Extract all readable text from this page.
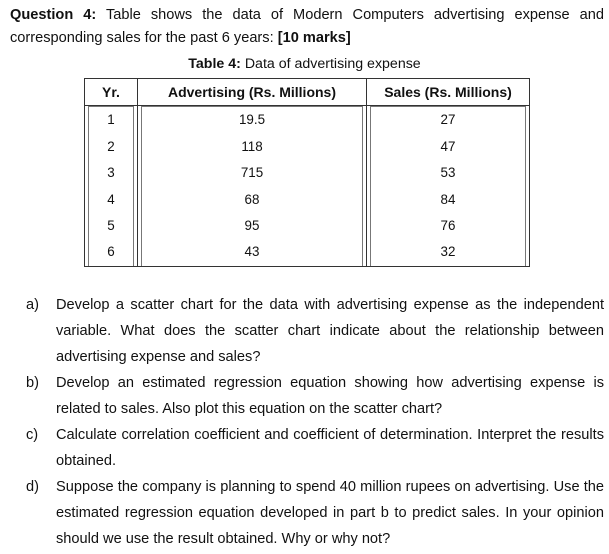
Question 4: Table shows the data of Modern Computers advertising expense and corresponding sales for the past 6 years: [10 marks]
Table 4: Data of advertising expense
Yr.	Advertising (Rs. Millions)	Sales (Rs. Millions)

1	19.5	27

2	118	47

3	715	53

4	68	84

5	95	76

6	43	32
a)	Develop a scatter chart for the data with advertising expense as the independent variable. What does the scatter chart indicate about the relationship between advertising expense and sales?
b)	Develop an estimated regression equation showing how advertising expense is related to sales. Also plot this equation on the scatter chart?
c)	Calculate correlation coefficient and coefficient of determination. Interpret the results obtained.
d)	Suppose the company is planning to spend 40 million rupees on advertising. Use the estimated regression equation developed in part b to predict sales. In your opinion should we use the result obtained. Why or why not?
